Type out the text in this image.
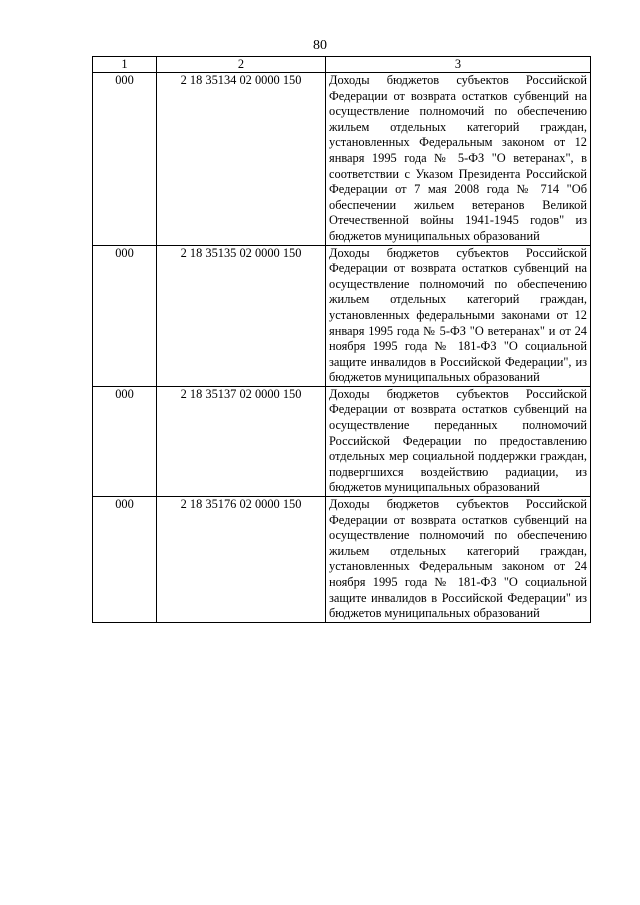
80
1	2	3
000	2 18 35134 02 0000 150	Доходы бюджетов субъектов Российской Федерации от возврата остатков субвенций на осуществление полномочий по обеспечению жильем отдельных категорий граждан, установленных Федеральным законом от 12 января 1995 года № 5-ФЗ "О ветеранах", в соответствии с Указом Президента Российской Федерации от 7 мая 2008 года № 714 "Об обеспечении жильем ветеранов Великой Отечественной войны 1941-1945 годов" из бюджетов муниципальных образований
000	2 18 35135 02 0000 150	Доходы бюджетов субъектов Российской Федерации от возврата остатков субвенций на осуществление полномочий по обеспечению жильем отдельных категорий граждан, установленных федеральными законами от 12 января 1995 года № 5-ФЗ "О ветеранах" и от 24 ноября 1995 года № 181-ФЗ "О социальной защите инвалидов в Российской Федерации", из бюджетов муниципальных образований
000	2 18 35137 02 0000 150	Доходы бюджетов субъектов Российской Федерации от возврата остатков субвенций на осуществление переданных полномочий Российской Федерации по предоставлению отдельных мер социальной поддержки граждан, подвергшихся воздействию радиации, из бюджетов муниципальных образований
000	2 18 35176 02 0000 150	Доходы бюджетов субъектов Российской Федерации от возврата остатков субвенций на осуществление полномочий по обеспечению жильем отдельных категорий граждан, установленных Федеральным законом от 24 ноября 1995 года № 181-ФЗ "О социальной защите инвалидов в Российской Федерации" из бюджетов муниципальных образований
